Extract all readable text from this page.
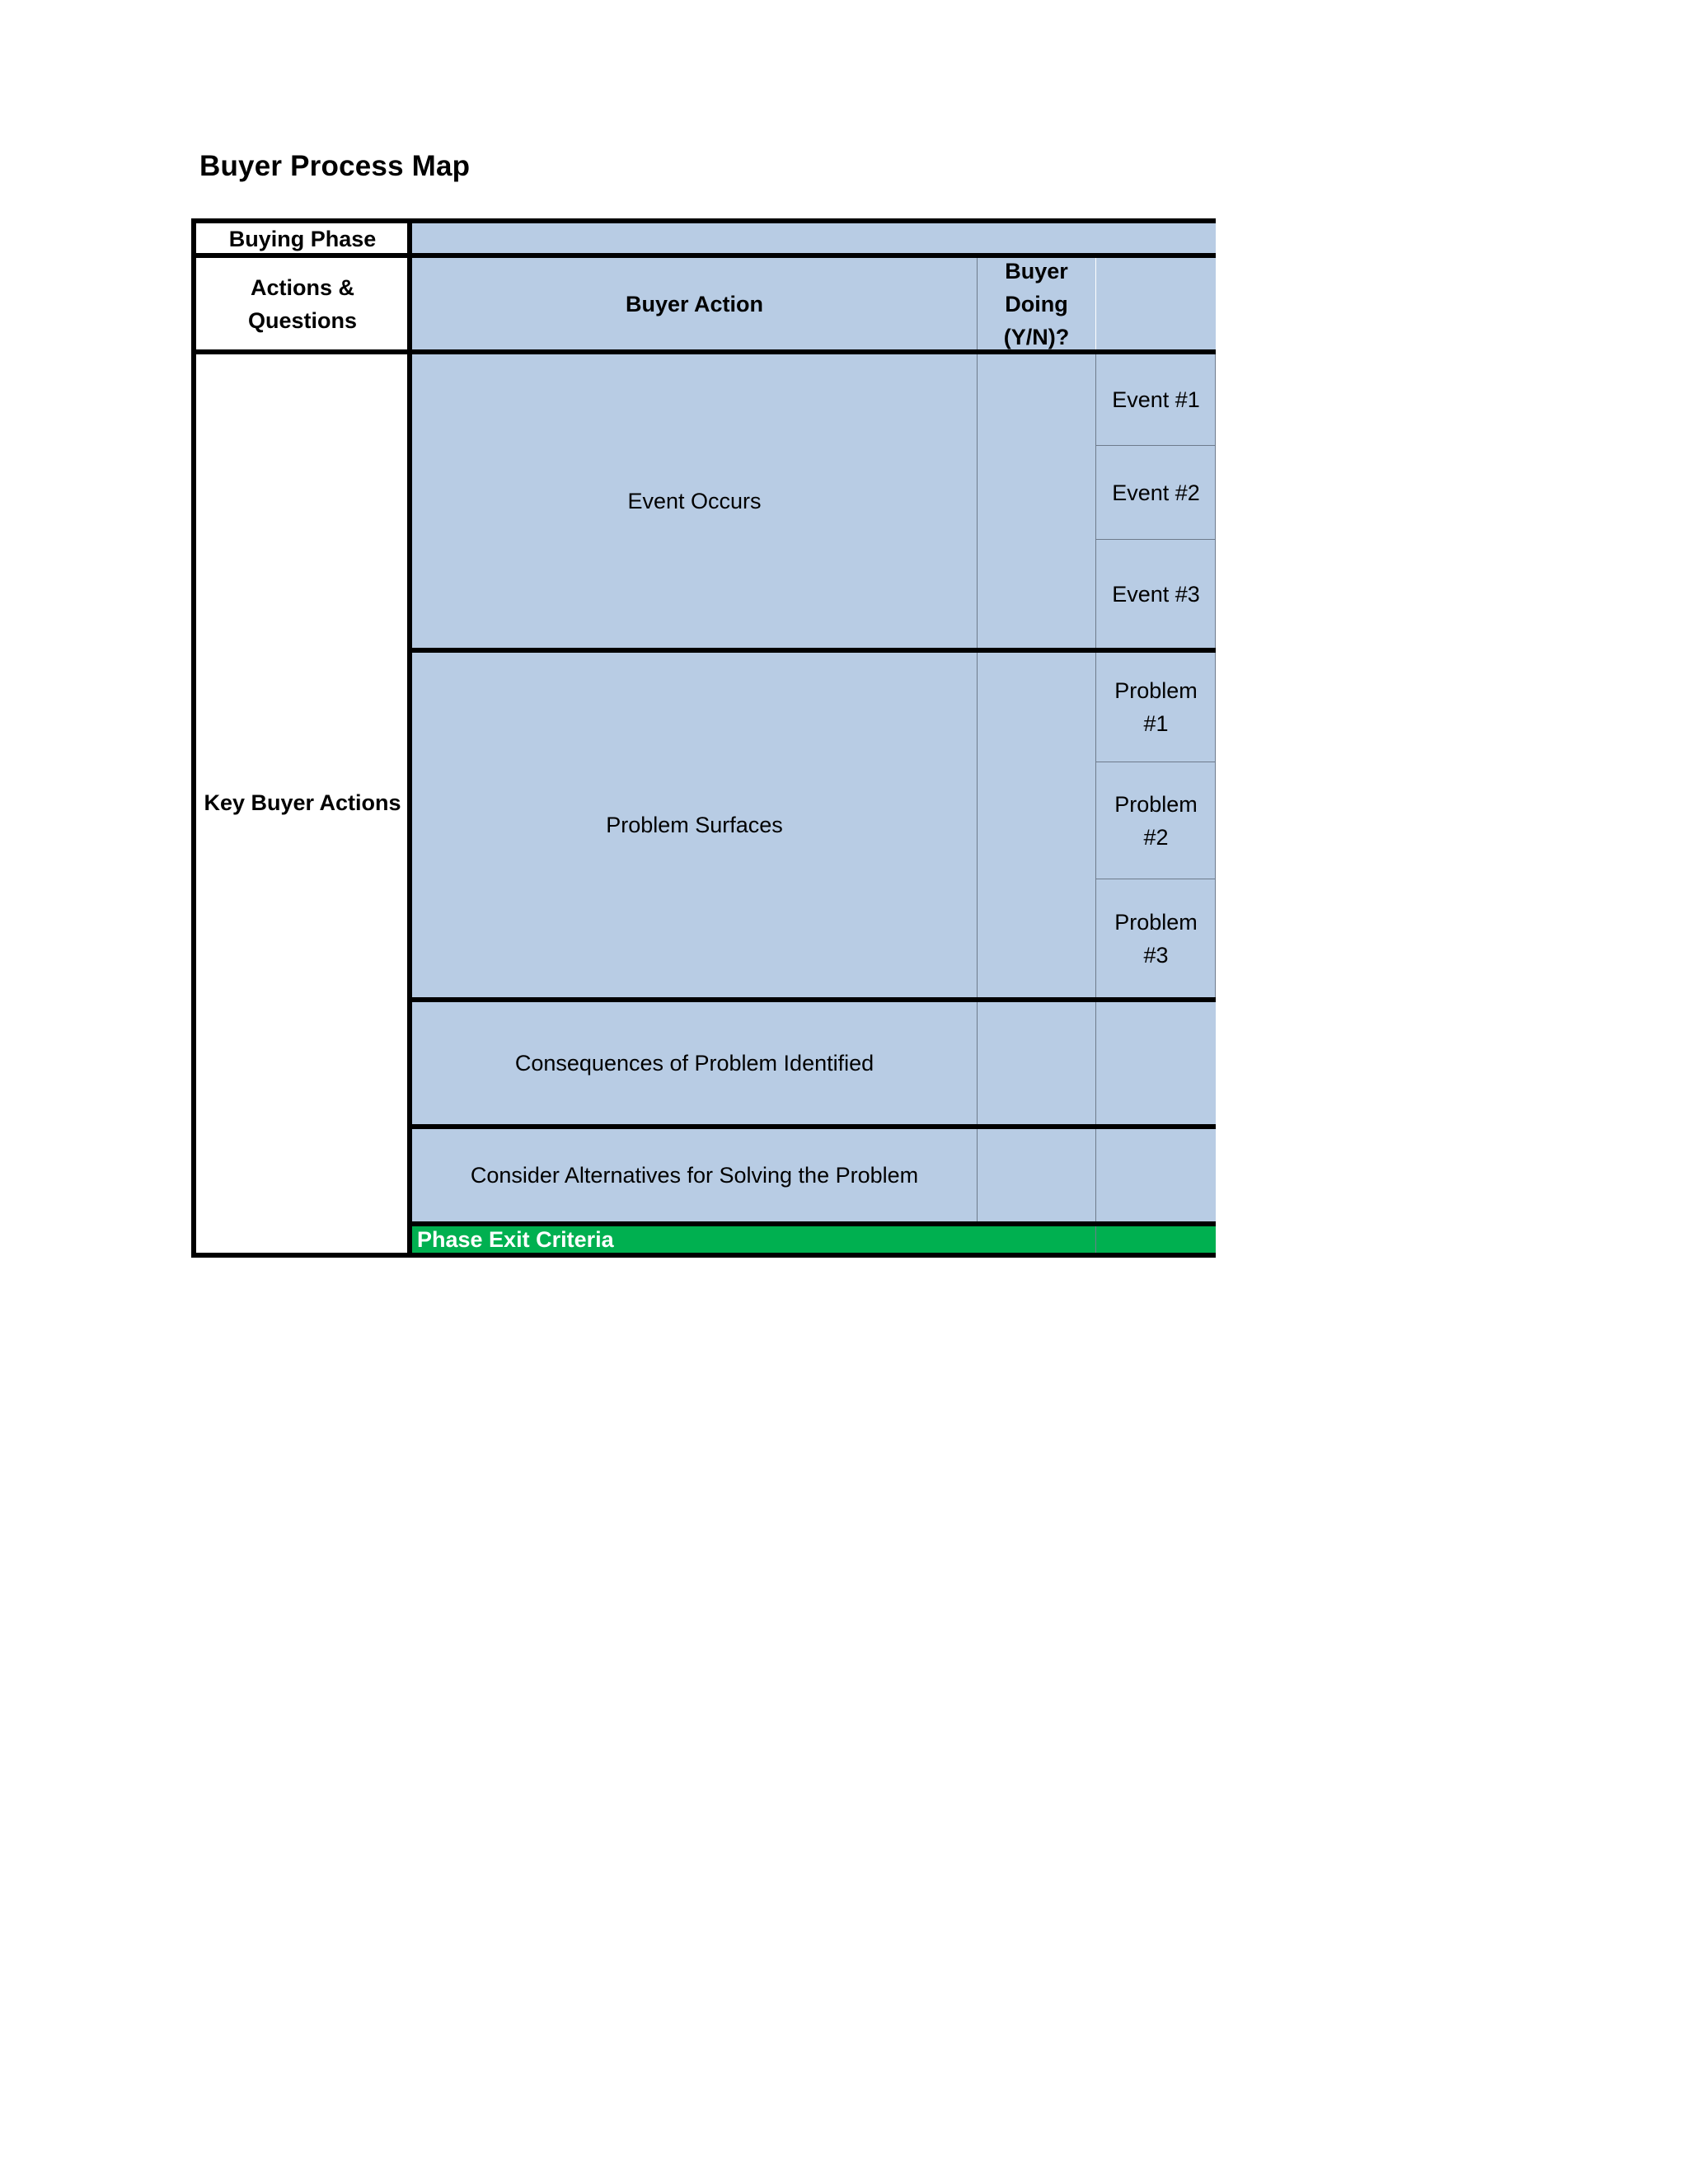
Buyer Process Map
Buying Phase
Actions & Questions
Buyer Action
Buyer Doing (Y/N)?
Key Buyer Actions
Event Occurs
Event #1
Event #2
Event #3
Problem Surfaces
Problem #1
Problem #2
Problem #3
Consequences of Problem Identified
Consider Alternatives for Solving the Problem
Phase Exit Criteria
